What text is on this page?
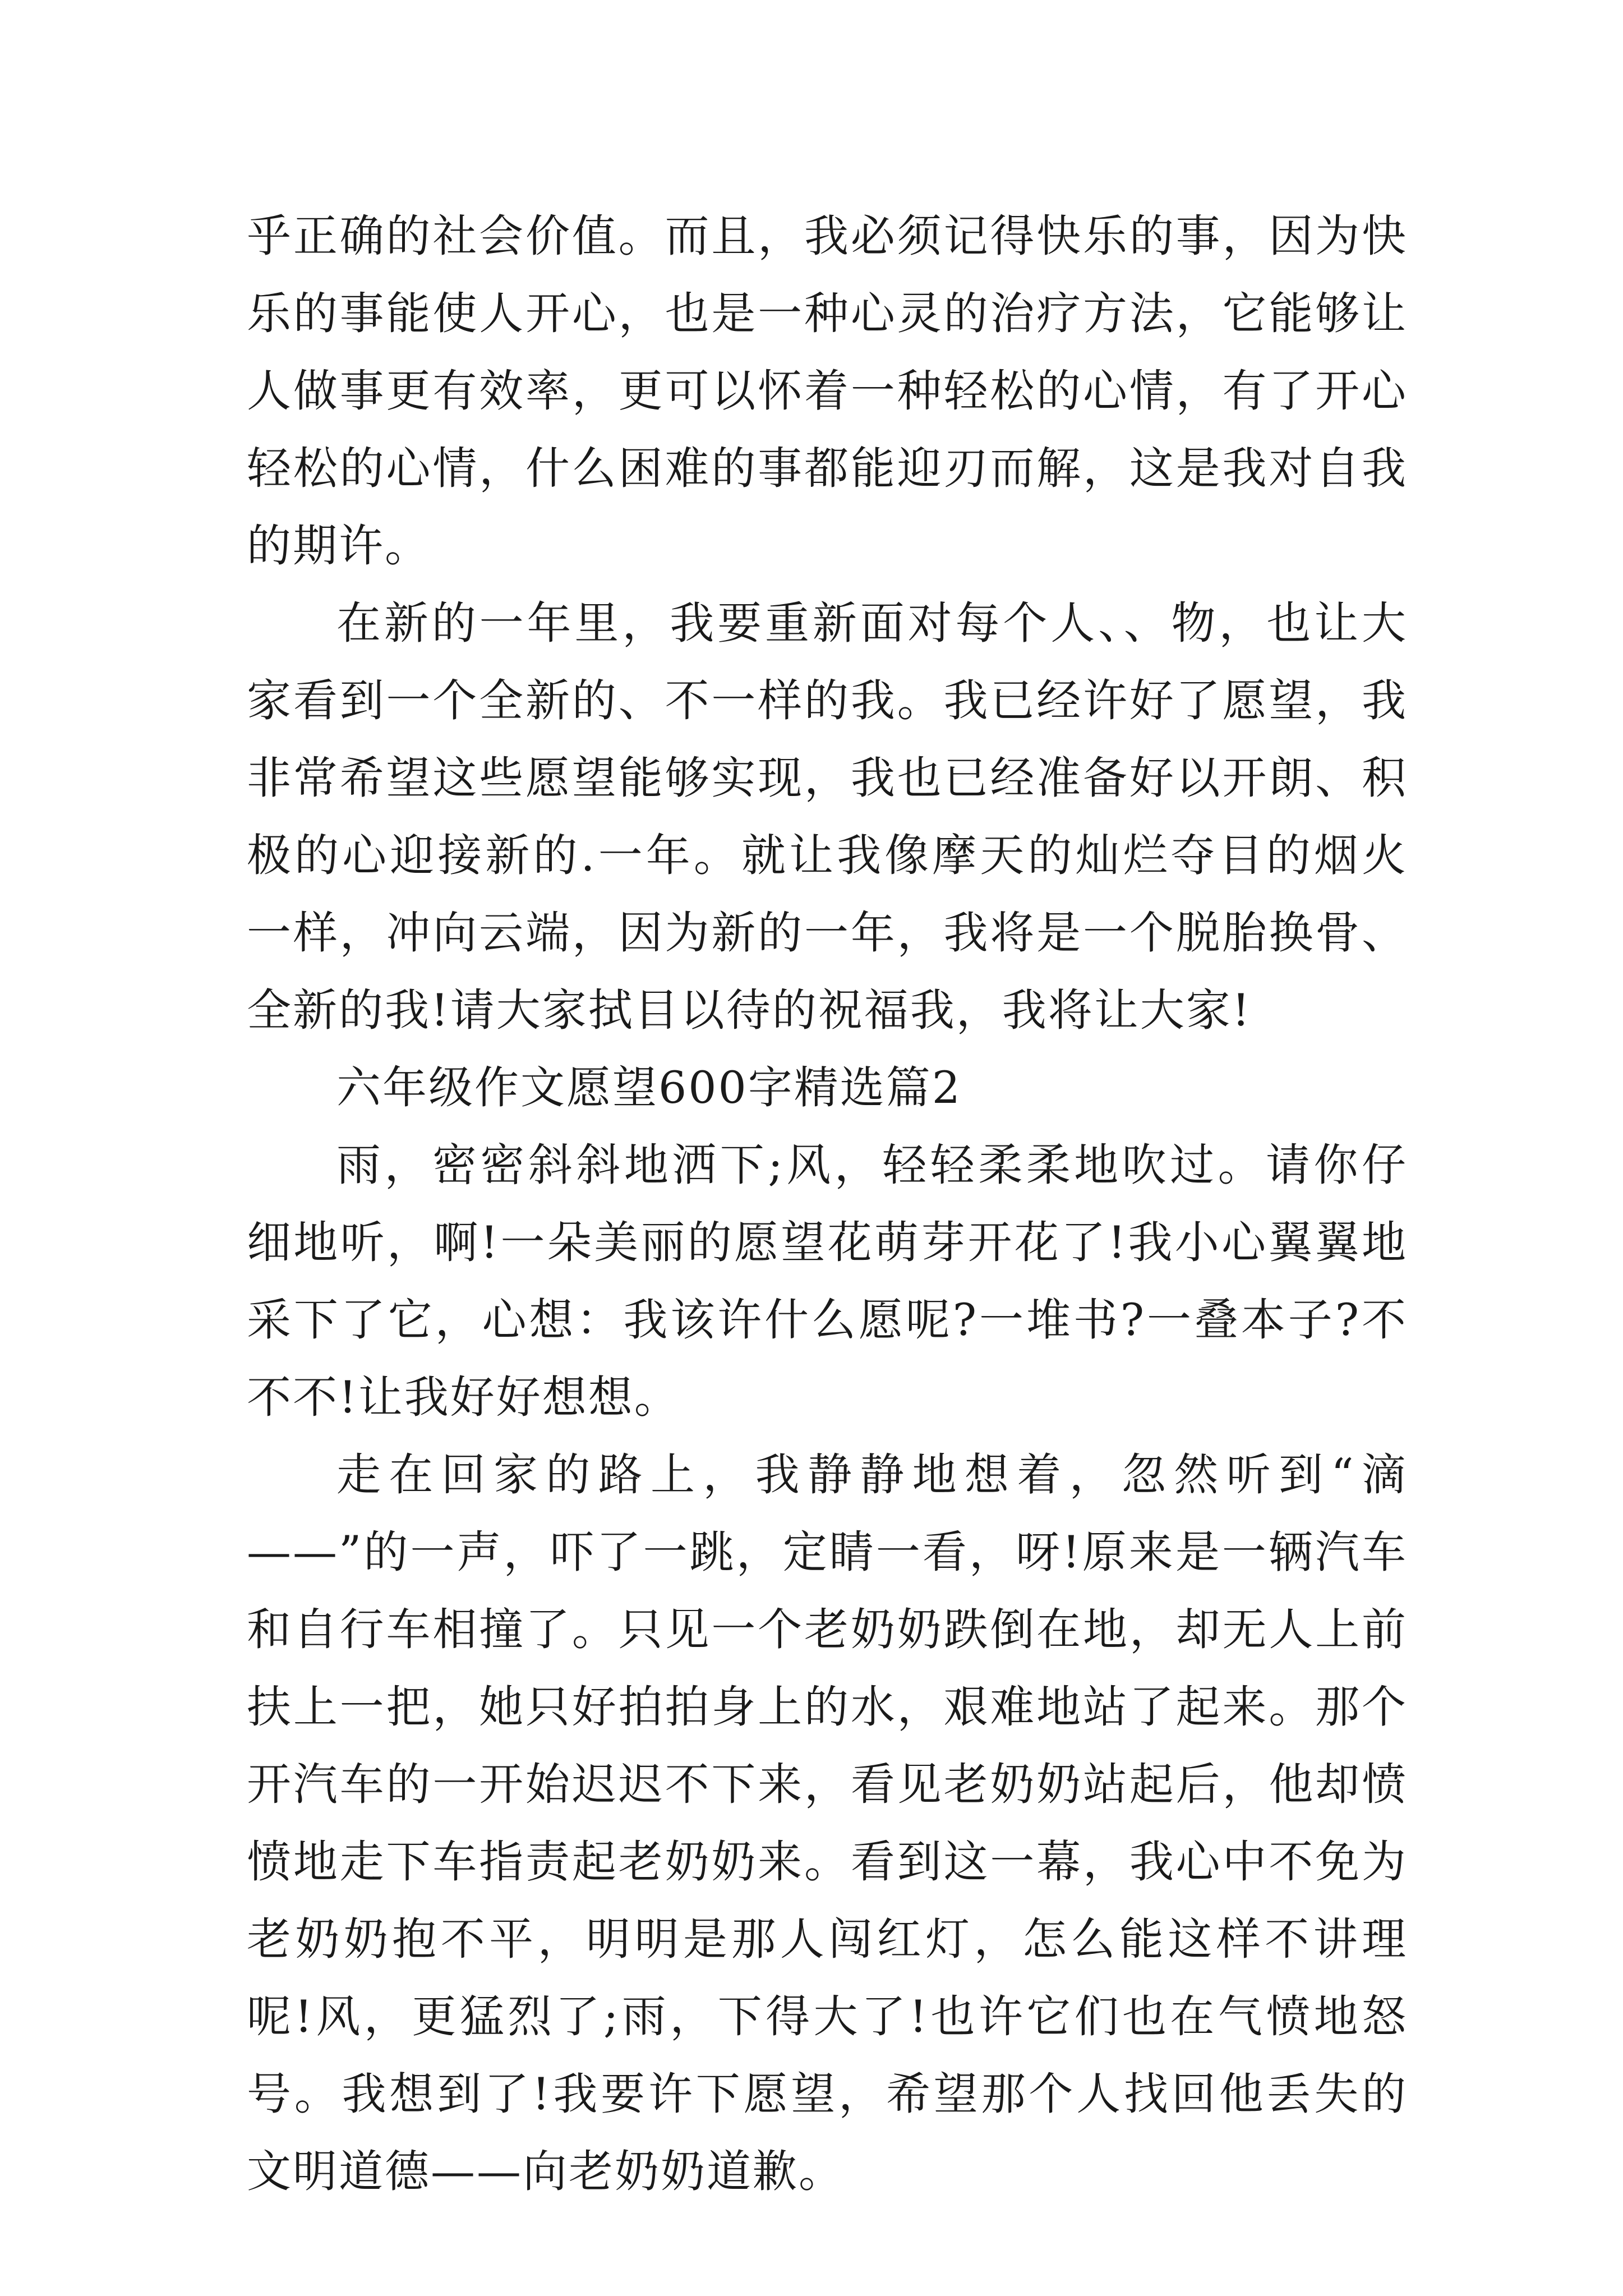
乎正确的社会价值。而且，我必须记得快乐的事，因为快乐的事能使人开心，也是一种心灵的治疗方法，它能够让人做事更有效率，更可以怀着一种轻松的心情，有了开心轻松的心情，什么困难的事都能迎刃而解，这是我对自我的期许。

在新的一年里，我要重新面对每个人、、物，也让大家看到一个全新的、不一样的我。我已经许好了愿望，我非常希望这些愿望能够实现，我也已经准备好以开朗、积极的心迎接新的.一年。就让我像摩天的灿烂夺目的烟火一样，冲向云端，因为新的一年，我将是一个脱胎换骨、全新的我!请大家拭目以待的祝福我，我将让大家!

六年级作文愿望600字精选篇2

雨，密密斜斜地洒下;风，轻轻柔柔地吹过。请你仔细地听，啊!一朵美丽的愿望花萌芽开花了!我小心翼翼地采下了它，心想：我该许什么愿呢?一堆书?一叠本子?不不不!让我好好想想。

走在回家的路上，我静静地想着，忽然听到“滴——”的一声，吓了一跳，定睛一看，呀!原来是一辆汽车和自行车相撞了。只见一个老奶奶跌倒在地，却无人上前扶上一把，她只好拍拍身上的水，艰难地站了起来。那个开汽车的一开始迟迟不下来，看见老奶奶站起后，他却愤愤地走下车指责起老奶奶来。看到这一幕，我心中不免为老奶奶抱不平，明明是那人闯红灯，怎么能这样不讲理呢!风，更猛烈了;雨，下得大了!也许它们也在气愤地怒号。我想到了!我要许下愿望，希望那个人找回他丢失的文明道德——向老奶奶道歉。
